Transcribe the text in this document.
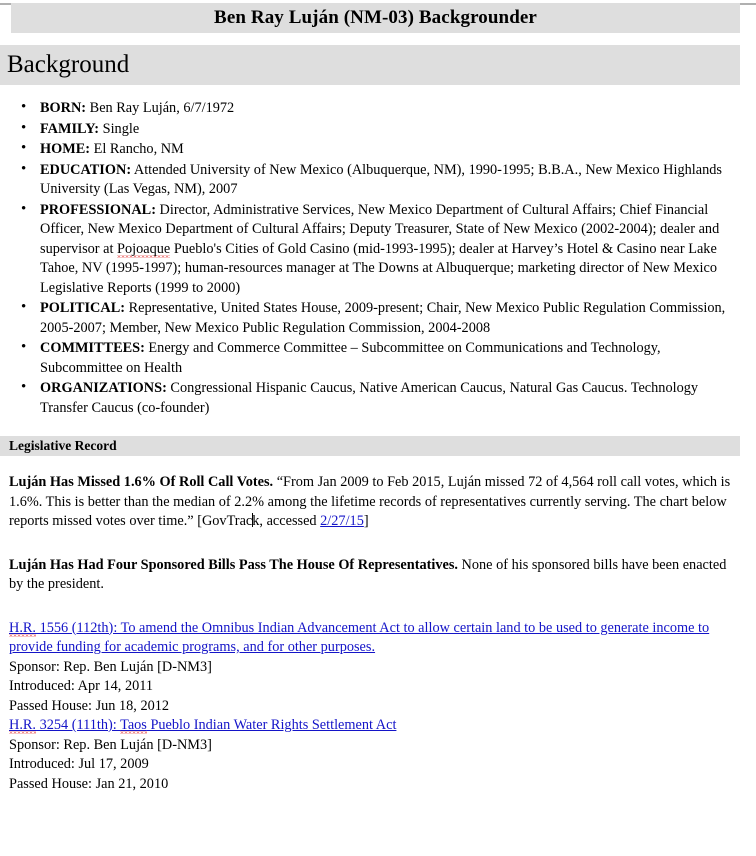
Ben Ray Luján (NM-03) Backgrounder
Background
• BORN: Ben Ray Luján, 6/7/1972
• FAMILY: Single
• HOME: El Rancho, NM
• EDUCATION: Attended University of New Mexico (Albuquerque, NM), 1990-1995; B.B.A., New Mexico Highlands University (Las Vegas, NM), 2007
• PROFESSIONAL: Director, Administrative Services, New Mexico Department of Cultural Affairs; Chief Financial Officer, New Mexico Department of Cultural Affairs; Deputy Treasurer, State of New Mexico (2002-2004); dealer and supervisor at Pojoaque Pueblo's Cities of Gold Casino (mid-1993-1995); dealer at Harvey’s Hotel & Casino near Lake Tahoe, NV (1995-1997); human-resources manager at The Downs at Albuquerque; marketing director of New Mexico Legislative Reports (1999 to 2000)
• POLITICAL: Representative, United States House, 2009-present; Chair, New Mexico Public Regulation Commission, 2005-2007; Member, New Mexico Public Regulation Commission, 2004-2008
• COMMITTEES: Energy and Commerce Committee – Subcommittee on Communications and Technology, Subcommittee on Health
• ORGANIZATIONS: Congressional Hispanic Caucus, Native American Caucus, Natural Gas Caucus. Technology Transfer Caucus (co-founder)
Legislative Record

Luján Has Missed 1.6% Of Roll Call Votes. “From Jan 2009 to Feb 2015, Luján missed 72 of 4,564 roll call votes, which is 1.6%. This is better than the median of 2.2% among the lifetime records of representatives currently serving. The chart below reports missed votes over time.” [GovTrack, accessed 2/27/15]

Luján Has Had Four Sponsored Bills Pass The House Of Representatives. None of his sponsored bills have been enacted by the president.

H.R. 1556 (112th): To amend the Omnibus Indian Advancement Act to allow certain land to be used to generate income to provide funding for academic programs, and for other purposes.

Sponsor: Rep. Ben Luján [D-NM3]
Introduced: Apr 14, 2011
Passed House: Jun 18, 2012
H.R. 3254 (111th): Taos Pueblo Indian Water Rights Settlement Act
Sponsor: Rep. Ben Luján [D-NM3]
Introduced: Jul 17, 2009
Passed House: Jan 21, 2010
